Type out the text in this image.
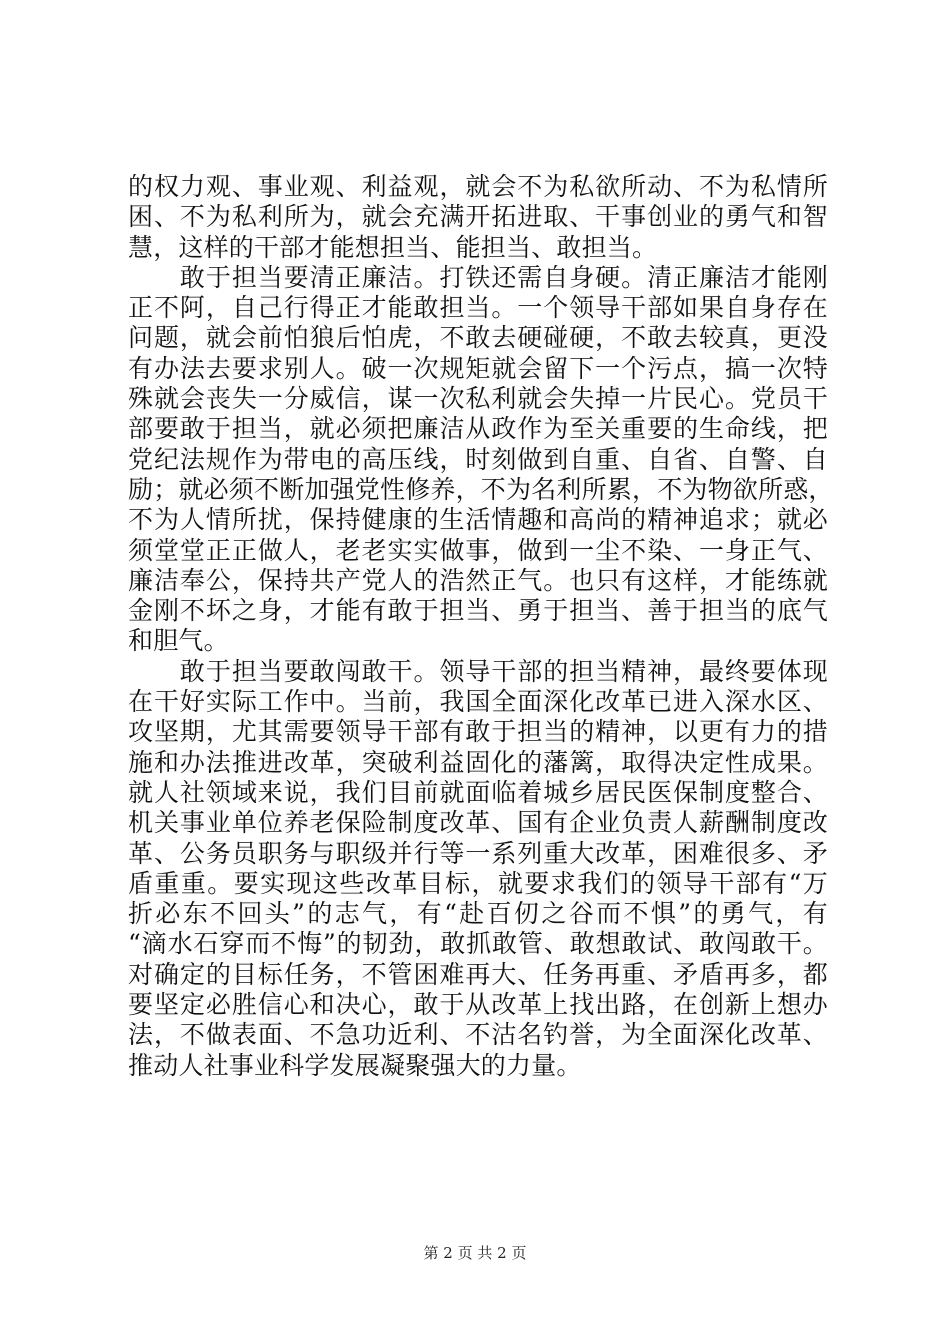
的权力观、事业观、利益观，就会不为私欲所动、不为私情所
困、不为私利所为，就会充满开拓进取、干事创业的勇气和智
慧，这样的干部才能想担当、能担当、敢担当。
　　敢于担当要清正廉洁。打铁还需自身硬。清正廉洁才能刚
正不阿，自己行得正才能敢担当。一个领导干部如果自身存在
问题，就会前怕狼后怕虎，不敢去硬碰硬，不敢去较真，更没
有办法去要求别人。破一次规矩就会留下一个污点，搞一次特
殊就会丧失一分威信，谋一次私利就会失掉一片民心。党员干
部要敢于担当，就必须把廉洁从政作为至关重要的生命线，把
党纪法规作为带电的高压线，时刻做到自重、自省、自警、自
励；就必须不断加强党性修养，不为名利所累，不为物欲所惑，
不为人情所扰，保持健康的生活情趣和高尚的精神追求；就必
须堂堂正正做人，老老实实做事，做到一尘不染、一身正气、
廉洁奉公，保持共产党人的浩然正气。也只有这样，才能练就
金刚不坏之身，才能有敢于担当、勇于担当、善于担当的底气
和胆气。
　　敢于担当要敢闯敢干。领导干部的担当精神，最终要体现
在干好实际工作中。当前，我国全面深化改革已进入深水区、
攻坚期，尤其需要领导干部有敢于担当的精神，以更有力的措
施和办法推进改革，突破利益固化的藩篱，取得决定性成果。
就人社领域来说，我们目前就面临着城乡居民医保制度整合、
机关事业单位养老保险制度改革、国有企业负责人薪酬制度改
革、公务员职务与职级并行等一系列重大改革，困难很多、矛
盾重重。要实现这些改革目标，就要求我们的领导干部有“万
折必东不回头”的志气，有“赴百仞之谷而不惧”的勇气，有
“滴水石穿而不悔”的韧劲，敢抓敢管、敢想敢试、敢闯敢干。
对确定的目标任务，不管困难再大、任务再重、矛盾再多，都
要坚定必胜信心和决心，敢于从改革上找出路，在创新上想办
法，不做表面、不急功近利、不沽名钓誉，为全面深化改革、
推动人社事业科学发展凝聚强大的力量。
第 2 页 共 2 页
